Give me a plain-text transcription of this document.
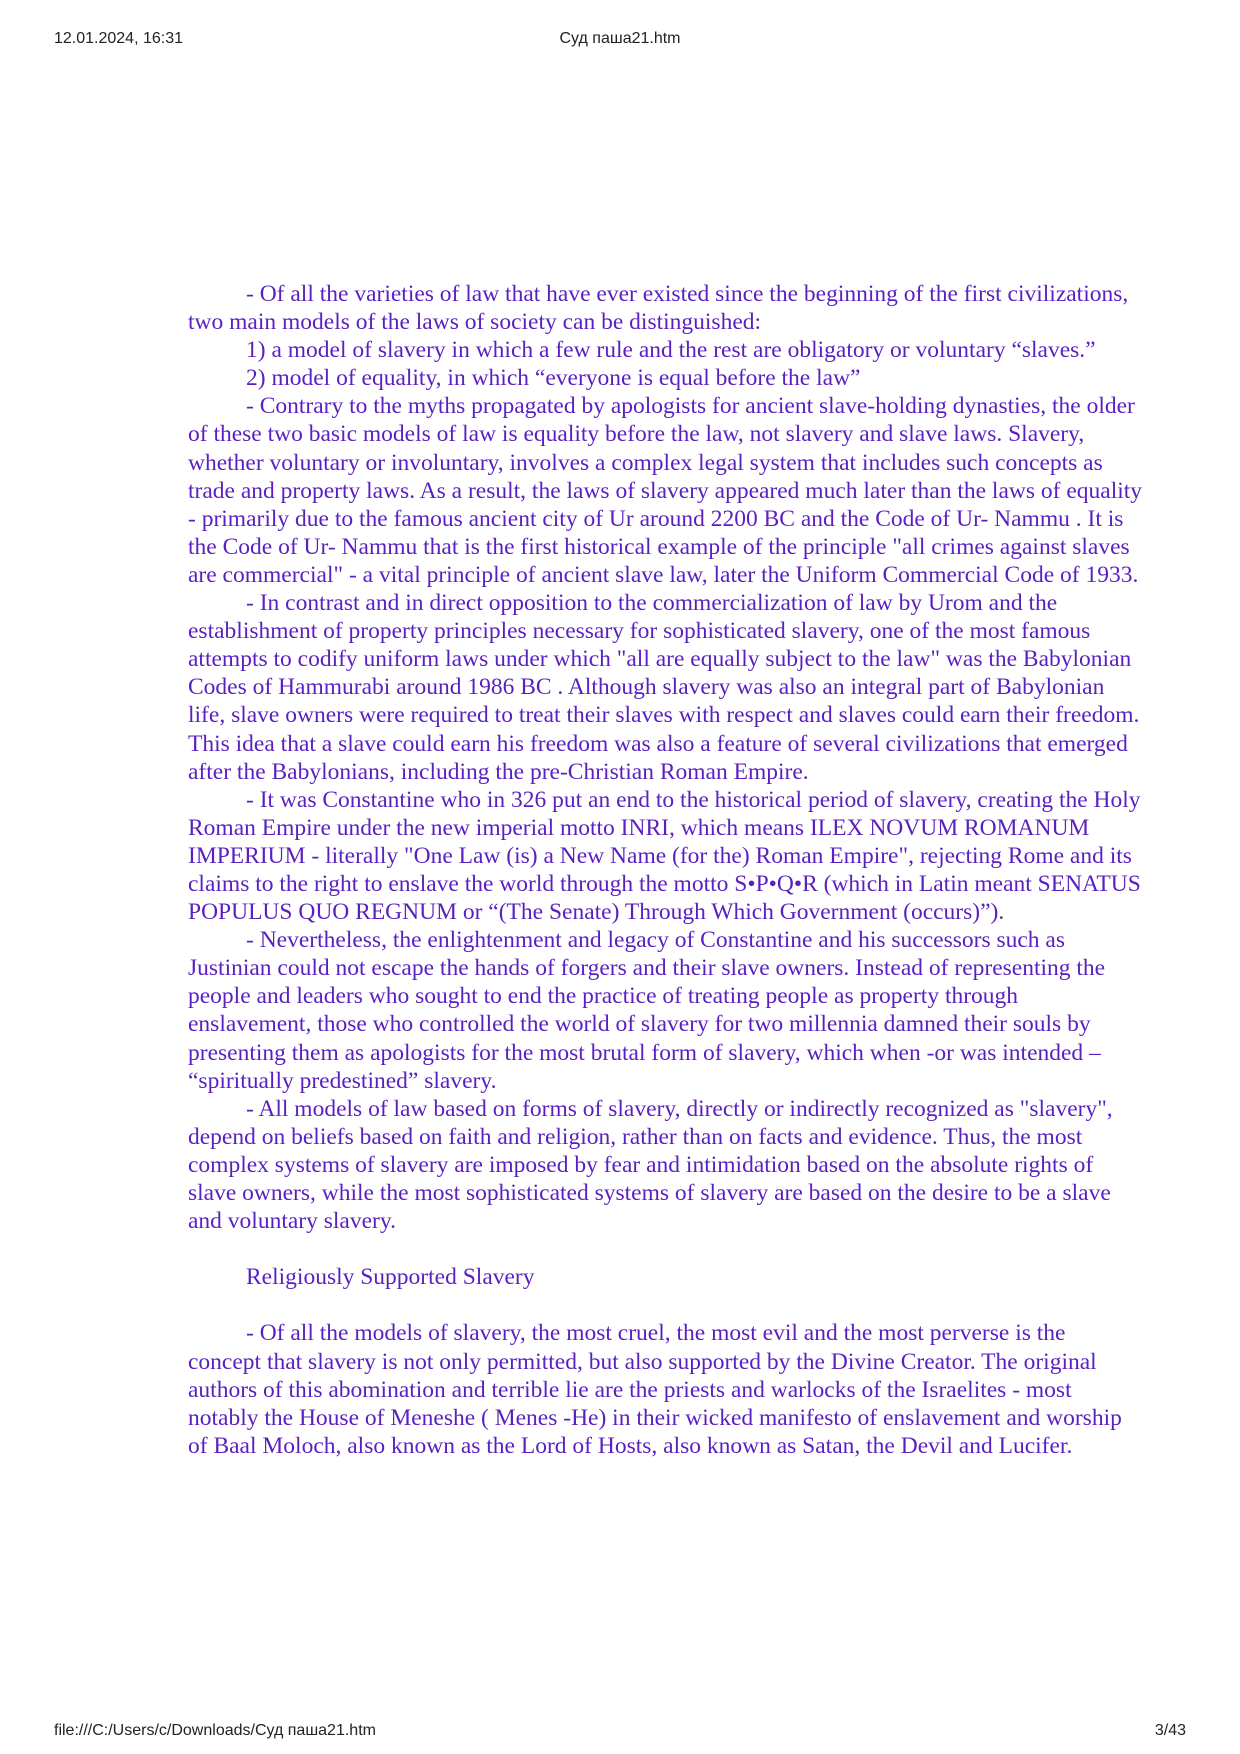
12.01.2024, 16:31	Суд паша21.htm

- Of all the varieties of law that have ever existed since the beginning of the first civilizations, two main models of the laws of society can be distinguished:

1) a model of slavery in which a few rule and the rest are obligatory or voluntary “slaves.”

2) model of equality, in which “everyone is equal before the law”

- Contrary to the myths propagated by apologists for ancient slave-holding dynasties, the older of these two basic models of law is equality before the law, not slavery and slave laws. Slavery, whether voluntary or involuntary, involves a complex legal system that includes such concepts as trade and property laws. As a result, the laws of slavery appeared much later than the laws of equality - primarily due to the famous ancient city of Ur around 2200 BC and the Code of Ur- Nammu . It is the Code of Ur- Nammu that is the first historical example of the principle "all crimes against slaves are commercial" - a vital principle of ancient slave law, later the Uniform Commercial Code of 1933.

- In contrast and in direct opposition to the commercialization of law by Urom and the establishment of property principles necessary for sophisticated slavery, one of the most famous attempts to codify uniform laws under which "all are equally subject to the law" was the Babylonian Codes of Hammurabi around 1986 BC . Although slavery was also an integral part of Babylonian life, slave owners were required to treat their slaves with respect and slaves could earn their freedom. This idea that a slave could earn his freedom was also a feature of several civilizations that emerged after the Babylonians, including the pre-Christian Roman Empire.

- It was Constantine who in 326 put an end to the historical period of slavery, creating the Holy Roman Empire under the new imperial motto INRI, which means ILEX NOVUM ROMANUM IMPERIUM - literally "One Law (is) a New Name (for the) Roman Empire", rejecting Rome and its claims to the right to enslave the world through the motto S•P•Q•R (which in Latin meant SENATUS POPULUS QUO REGNUM or “(The Senate) Through Which Government (occurs)”).

- Nevertheless, the enlightenment and legacy of Constantine and his successors such as Justinian could not escape the hands of forgers and their slave owners. Instead of representing the people and leaders who sought to end the practice of treating people as property through enslavement, those who controlled the world of slavery for two millennia damned their souls by presenting them as apologists for the most brutal form of slavery, which when -or was intended – “spiritually predestined” slavery.

- All models of law based on forms of slavery, directly or indirectly recognized as "slavery", depend on beliefs based on faith and religion, rather than on facts and evidence. Thus, the most complex systems of slavery are imposed by fear and intimidation based on the absolute rights of slave owners, while the most sophisticated systems of slavery are based on the desire to be a slave and voluntary slavery.

Religiously Supported Slavery

- Of all the models of slavery, the most cruel, the most evil and the most perverse is the concept that slavery is not only permitted, but also supported by the Divine Creator. The original authors of this abomination and terrible lie are the priests and warlocks of the Israelites - most notably the House of Meneshe ( Menes -He) in their wicked manifesto of enslavement and worship of Baal Moloch, also known as the Lord of Hosts, also known as Satan, the Devil and Lucifer.

file:///C:/Users/c/Downloads/Суд паша21.htm	3/43
